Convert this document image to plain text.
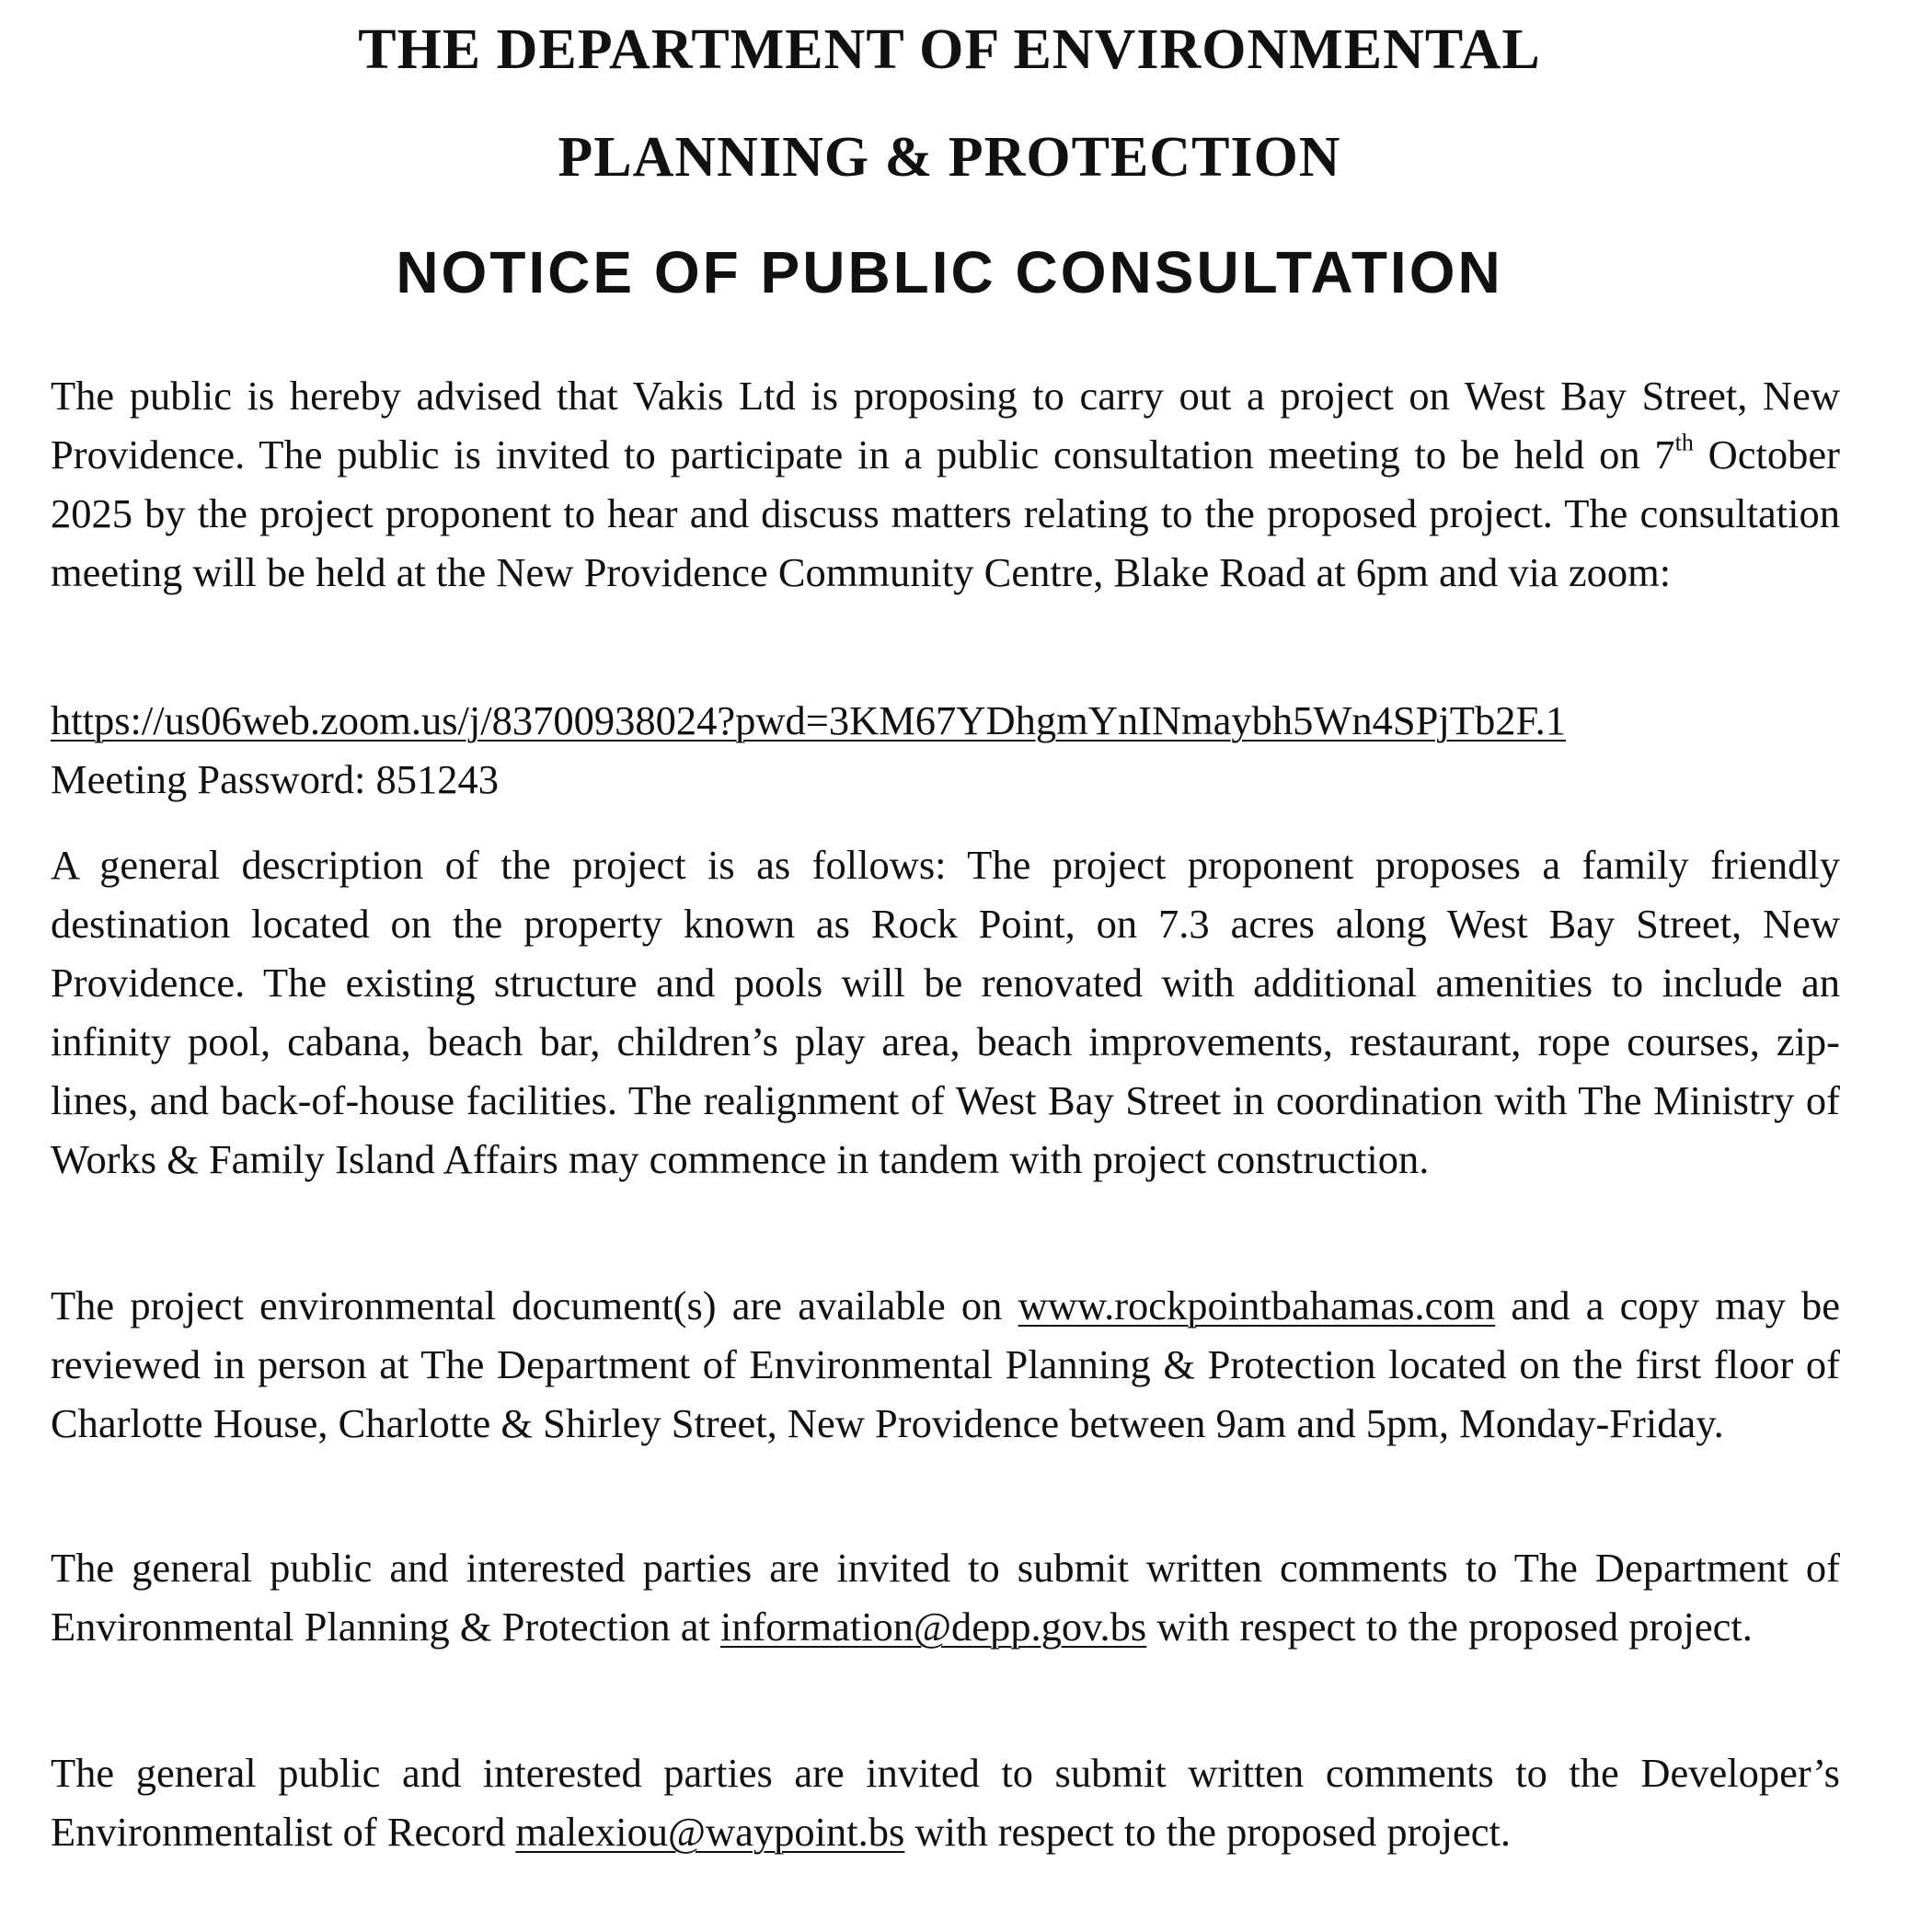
THE DEPARTMENT OF ENVIRONMENTAL
PLANNING & PROTECTION
NOTICE OF PUBLIC CONSULTATION

The public is hereby advised that Vakis Ltd is proposing to carry out a project on West Bay Street, New Providence. The public is invited to participate in a public consultation meeting to be held on 7th October 2025 by the project proponent to hear and discuss matters relating to the proposed project. The consultation meeting will be held at the New Providence Community Centre, Blake Road at 6pm and via zoom:

https://us06web.zoom.us/j/83700938024?pwd=3KM67YDhgmYnINmaybh5Wn4SPjTb2F.1
Meeting Password: 851243

A general description of the project is as follows: The project proponent proposes a family friendly destination located on the property known as Rock Point, on 7.3 acres along West Bay Street, New Providence. The existing structure and pools will be renovated with additional amenities to include an infinity pool, cabana, beach bar, children’s play area, beach improvements, restaurant, rope courses, zip-lines, and back-of-house facilities. The realignment of West Bay Street in coordination with The Ministry of Works & Family Island Affairs may commence in tandem with project construction.

The project environmental document(s) are available on www.rockpointbahamas.com and a copy may be reviewed in person at The Department of Environmental Planning & Protection located on the first floor of Charlotte House, Charlotte & Shirley Street, New Providence between 9am and 5pm, Monday-Friday.

The general public and interested parties are invited to submit written comments to The Department of Environmental Planning & Protection at information@depp.gov.bs with respect to the proposed project.

The general public and interested parties are invited to submit written comments to the Developer’s Environmentalist of Record malexiou@waypoint.bs with respect to the proposed project.
